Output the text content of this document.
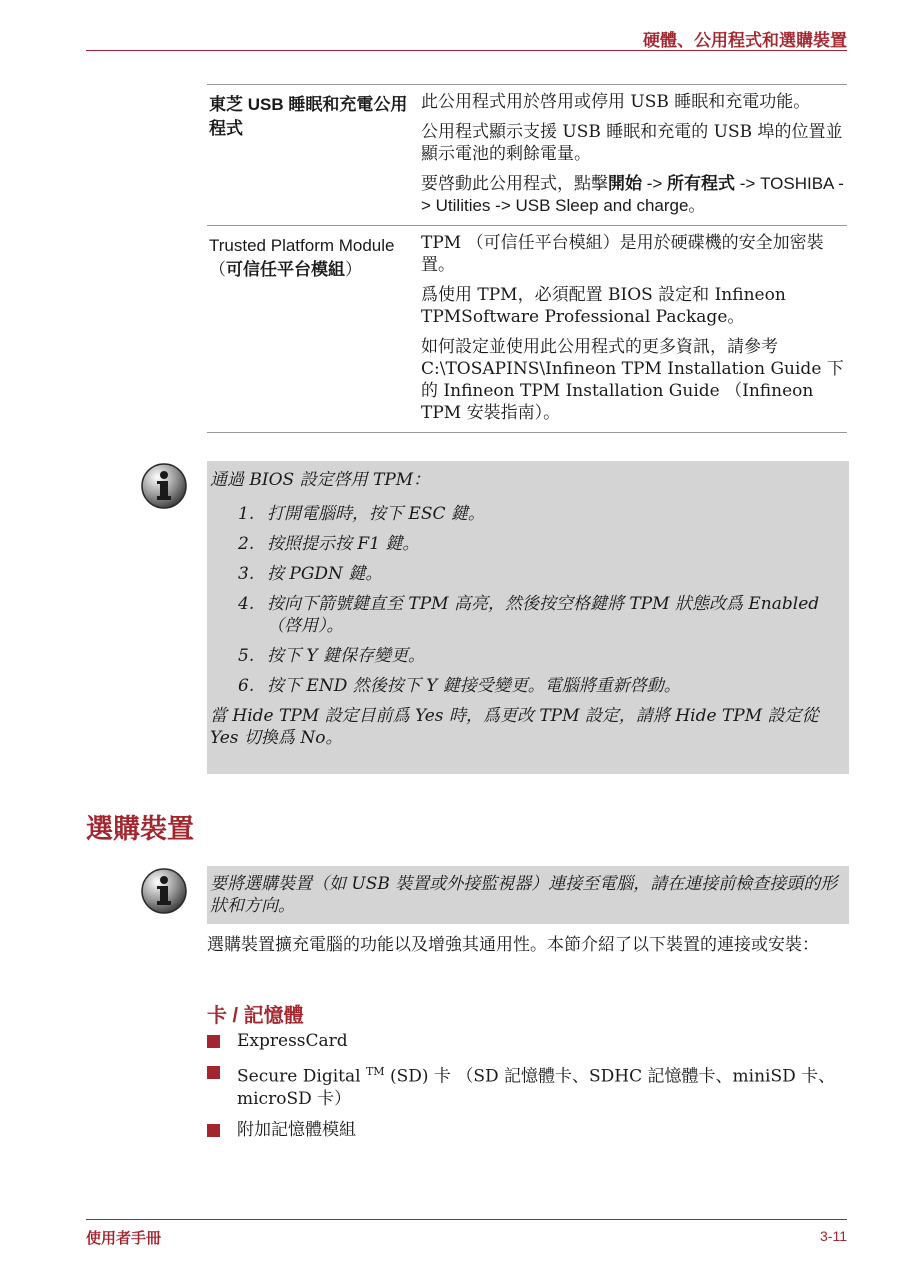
硬體、公用程式和選購裝置
東芝 USB 睡眠和充電公用程式

此公用程式用於啓用或停用 USB 睡眠和充電功能。

公用程式顯示支援 USB 睡眠和充電的 USB 埠的位置並顯示電池的剩餘電量。

要啓動此公用程式，點擊開始 -> 所有程式 -> TOSHIBA -> Utilities -> USB Sleep and charge。

Trusted Platform Module （可信任平台模組）

TPM （可信任平台模組）是用於硬碟機的安全加密裝置。

爲使用 TPM，必須配置 BIOS 設定和 Infineon TPMSoftware Professional Package。

如何設定並使用此公用程式的更多資訊，請參考 C:\TOSAPINS\Infineon TPM Installation Guide 下的 Infineon TPM Installation Guide （Infineon TPM 安裝指南）。

通過 BIOS 設定啓用 TPM：
1. 打開電腦時，按下 ESC 鍵。
2. 按照提示按 F1 鍵。
3. 按 PGDN 鍵。
4. 按向下箭號鍵直至 TPM 高亮，然後按空格鍵將 TPM 狀態改爲 Enabled （啓用）。
5. 按下 Y 鍵保存變更。
6. 按下 END 然後按下 Y 鍵接受變更。電腦將重新啓動。
當 Hide TPM 設定目前爲 Yes 時，爲更改 TPM 設定，請將 Hide TPM 設定從 Yes 切換爲 No。
選購裝置
要將選購裝置（如 USB 裝置或外接監視器）連接至電腦，請在連接前檢查接頭的形狀和方向。
選購裝置擴充電腦的功能以及增強其通用性。本節介紹了以下裝置的連接或安裝：
卡 / 記憶體
ExpressCard
Secure Digital ™ (SD) 卡 （SD 記憶體卡、SDHC 記憶體卡、miniSD 卡、microSD 卡）
附加記憶體模組
使用者手冊	3-11
